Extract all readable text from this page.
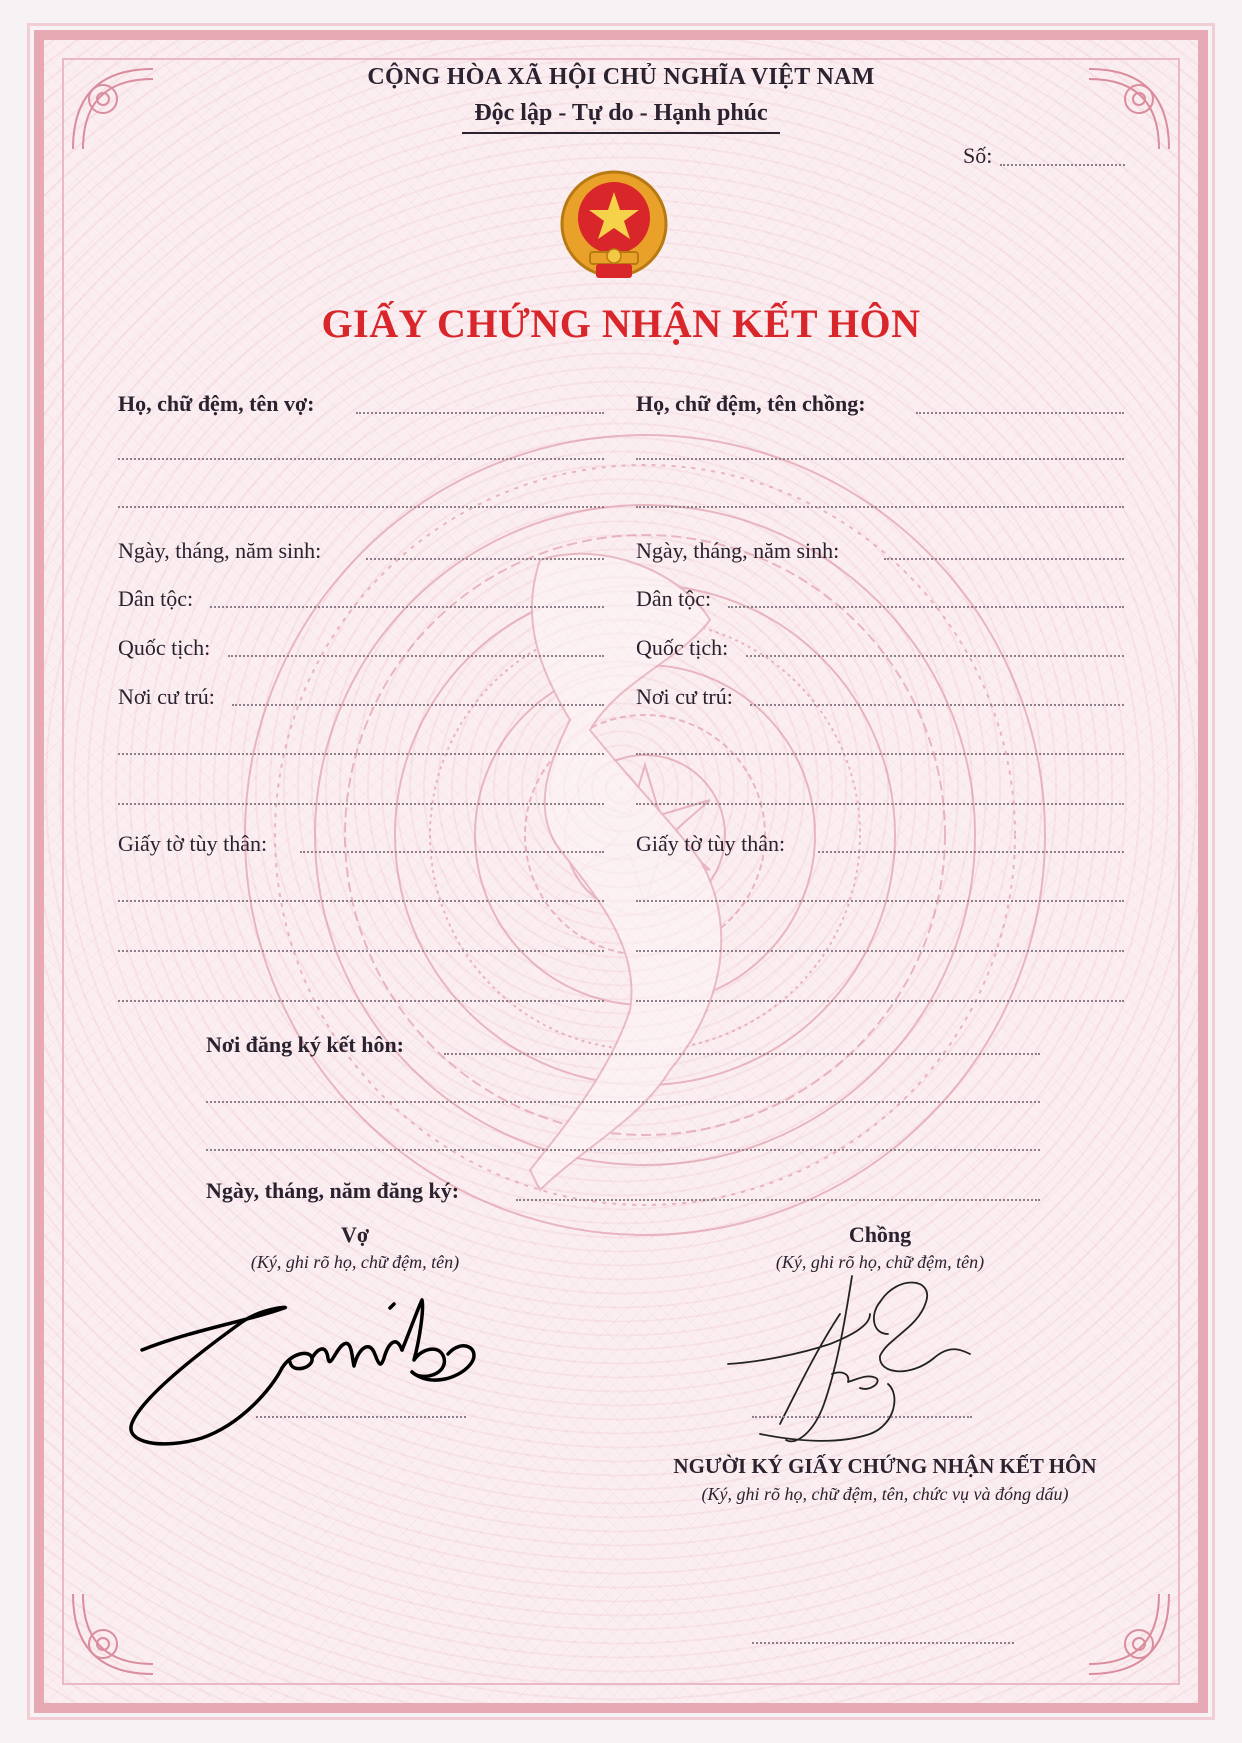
CỘNG HÒA XÃ HỘI CHỦ NGHĨA VIỆT NAM
Độc lập - Tự do - Hạnh phúc
Số:
GIẤY CHỨNG NHẬN KẾT HÔN
Họ, chữ đệm, tên vợ:
Ngày, tháng, năm sinh:
Dân tộc:
Quốc tịch:
Nơi cư trú:
Giấy tờ tùy thân:
Họ, chữ đệm, tên chồng:
Ngày, tháng, năm sinh:
Dân tộc:
Quốc tịch:
Nơi cư trú:
Giấy tờ tùy thân:
Nơi đăng ký kết hôn:
Ngày, tháng, năm đăng ký:
Vợ
(Ký, ghi rõ họ, chữ đệm, tên)
Chồng
(Ký, ghi rõ họ, chữ đệm, tên)
NGƯỜI KÝ GIẤY CHỨNG NHẬN KẾT HÔN
(Ký, ghi rõ họ, chữ đệm, tên, chức vụ và đóng dấu)
